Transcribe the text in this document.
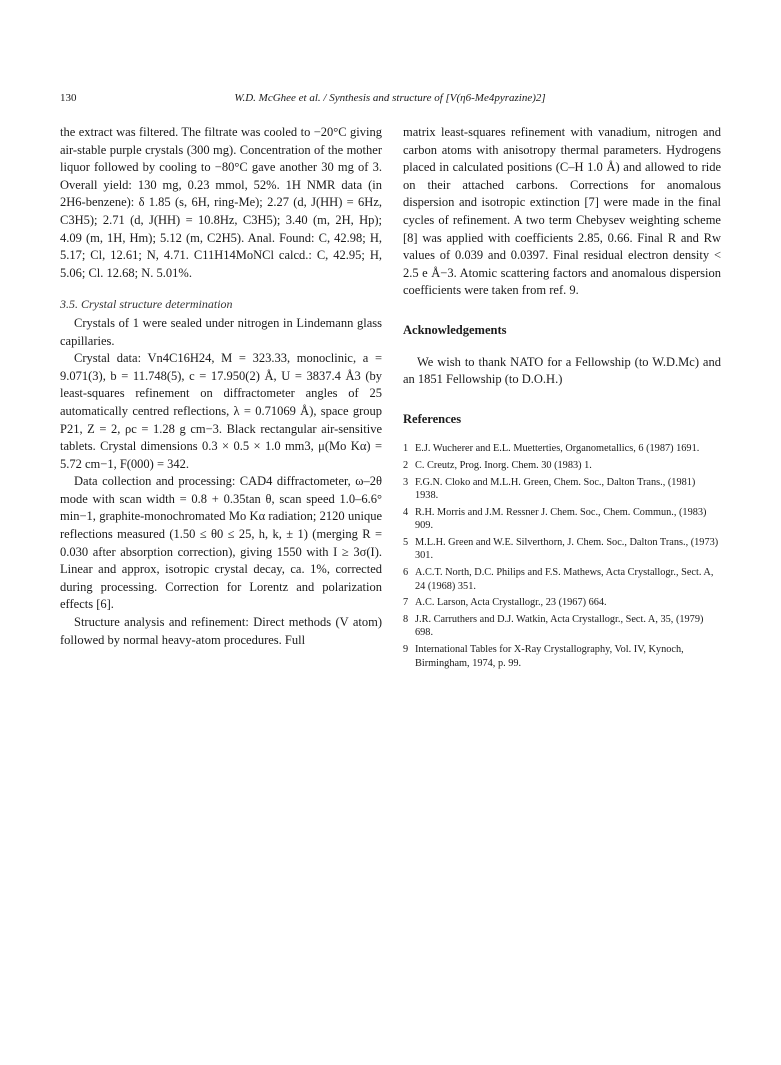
130	W.D. McGhee et al. / Synthesis and structure of [V(η6-Me4pyrazine)2]

the extract was filtered. The filtrate was cooled to −20°C giving air-stable purple crystals (300 mg). Concentration of the mother liquor followed by cooling to −80°C gave another 30 mg of 3. Overall yield: 130 mg, 0.23 mmol, 52%. 1H NMR data (in 2H6-benzene): δ 1.85 (s, 6H, ring-Me); 2.27 (d, J(HH) = 6Hz, C3H5); 2.71 (d, J(HH) = 10.8Hz, C3H5); 3.40 (m, 2H, Hp); 4.09 (m, 1H, Hm); 5.12 (m, C2H5). Anal. Found: C, 42.98; H, 5.17; Cl, 12.61; N, 4.71. C11H14MoNCl calcd.: C, 42.95; H, 5.06; Cl. 12.68; N. 5.01%.

3.5. Crystal structure determination

Crystals of 1 were sealed under nitrogen in Lindemann glass capillaries.

Crystal data: Vn4C16H24, M = 323.33, monoclinic, a = 9.071(3), b = 11.748(5), c = 17.950(2) Å, U = 3837.4 Å3 (by least-squares refinement on diffractometer angles of 25 automatically centred reflections, λ = 0.71069 Å), space group P21, Z = 2, ρc = 1.28 g cm−3. Black rectangular air-sensitive tablets. Crystal dimensions 0.3 × 0.5 × 1.0 mm3, μ(Mo Kα) = 5.72 cm−1, F(000) = 342.

Data collection and processing: CAD4 diffractometer, ω–2θ mode with scan width = 0.8 + 0.35tan θ, scan speed 1.0–6.6° min−1, graphite-monochromated Mo Kα radiation; 2120 unique reflections measured (1.50 ≤ θ0 ≤ 25, h, k, ± 1) (merging R = 0.030 after absorption correction), giving 1550 with I ≥ 3σ(I). Linear and approx, isotropic crystal decay, ca. 1%, corrected during processing. Correction for Lorentz and polarization effects [6].

Structure analysis and refinement: Direct methods (V atom) followed by normal heavy-atom procedures. Full

matrix least-squares refinement with vanadium, nitrogen and carbon atoms with anisotropy thermal parameters. Hydrogens placed in calculated positions (C–H 1.0 Å) and allowed to ride on their attached carbons. Corrections for anomalous dispersion and isotropic extinction [7] were made in the final cycles of refinement. A two term Chebysev weighting scheme [8] was applied with coefficients 2.85, 0.66. Final R and Rw values of 0.039 and 0.0397. Final residual electron density < 2.5 e Å−3. Atomic scattering factors and anomalous dispersion coefficients were taken from ref. 9.

Acknowledgements

We wish to thank NATO for a Fellowship (to W.D.Mc) and an 1851 Fellowship (to D.O.H.)

References
1 E.J. Wucherer and E.L. Muetterties, Organometallics, 6 (1987) 1691.
2 C. Creutz, Prog. Inorg. Chem. 30 (1983) 1.
3 F.G.N. Cloko and M.L.H. Green, Chem. Soc., Dalton Trans., (1981) 1938.
4 R.H. Morris and J.M. Ressner J. Chem. Soc., Chem. Commun., (1983) 909.
5 M.L.H. Green and W.E. Silverthorn, J. Chem. Soc., Dalton Trans., (1973) 301.
6 A.C.T. North, D.C. Philips and F.S. Mathews, Acta Crystallogr., Sect. A, 24 (1968) 351.
7 A.C. Larson, Acta Crystallogr., 23 (1967) 664.
8 J.R. Carruthers and D.J. Watkin, Acta Crystallogr., Sect. A, 35, (1979) 698.
9 International Tables for X-Ray Crystallography, Vol. IV, Kynoch, Birmingham, 1974, p. 99.
